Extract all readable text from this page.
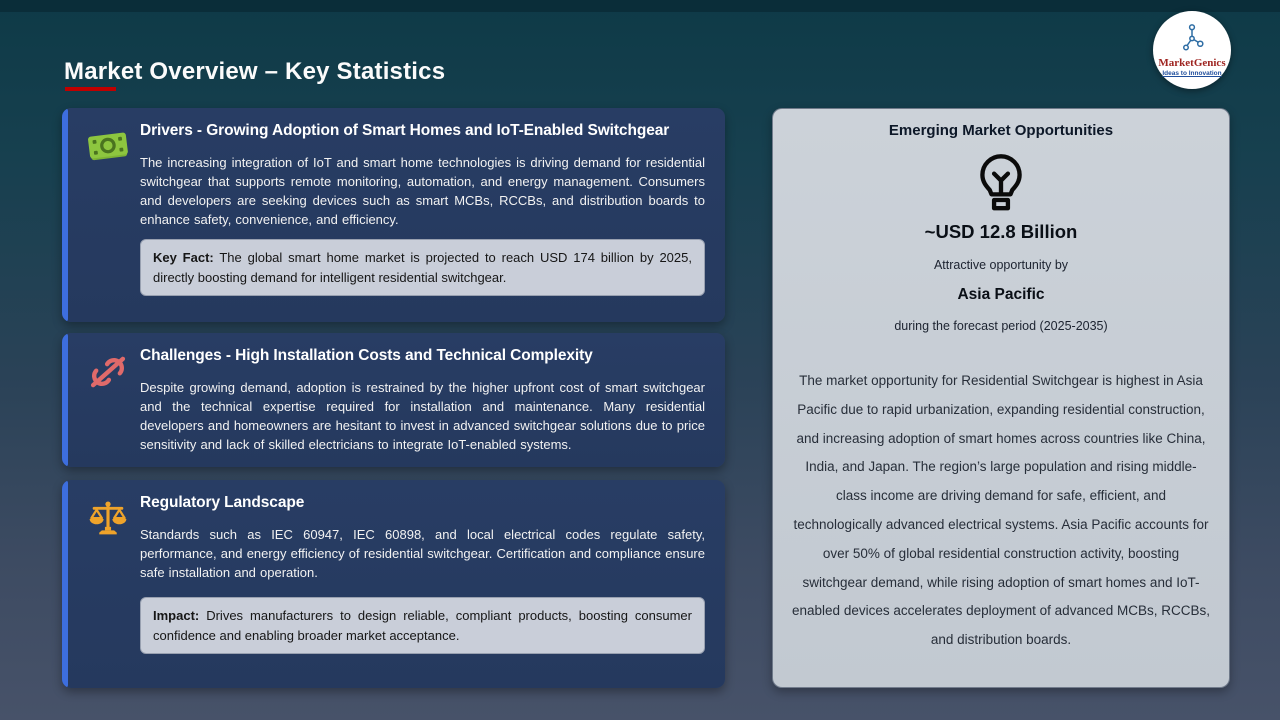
Market Overview – Key Statistics	MarketGenics
Ideas to Innovation
Drivers - Growing Adoption of Smart Homes and IoT-Enabled Switchgear

The increasing integration of IoT and smart home technologies is driving demand for residential switchgear that supports remote monitoring, automation, and energy management. Consumers and developers are seeking devices such as smart MCBs, RCCBs, and distribution boards to enhance safety, convenience, and efficiency.

Key Fact: The global smart home market is projected to reach USD 174 billion by 2025, directly boosting demand for intelligent residential switchgear.
Challenges - High Installation Costs and Technical Complexity

Despite growing demand, adoption is restrained by the higher upfront cost of smart switchgear and the technical expertise required for installation and maintenance. Many residential developers and homeowners are hesitant to invest in advanced switchgear solutions due to price sensitivity and lack of skilled electricians to integrate IoT-enabled systems.

Regulatory Landscape

Standards such as IEC 60947, IEC 60898, and local electrical codes regulate safety, performance, and energy efficiency of residential switchgear. Certification and compliance ensure safe installation and operation.

Impact: Drives manufacturers to design reliable, compliant products, boosting consumer confidence and enabling broader market acceptance.
Emerging Market Opportunities
~USD 12.8 Billion
Attractive opportunity by
Asia Pacific
during the forecast period (2025-2035)

The market opportunity for Residential Switchgear is highest in Asia Pacific due to rapid urbanization, expanding residential construction, and increasing adoption of smart homes across countries like China, India, and Japan. The region’s large population and rising middle-class income are driving demand for safe, efficient, and technologically advanced electrical systems. Asia Pacific accounts for over 50% of global residential construction activity, boosting switchgear demand, while rising adoption of smart homes and IoT-enabled devices accelerates deployment of advanced MCBs, RCCBs, and distribution boards.
